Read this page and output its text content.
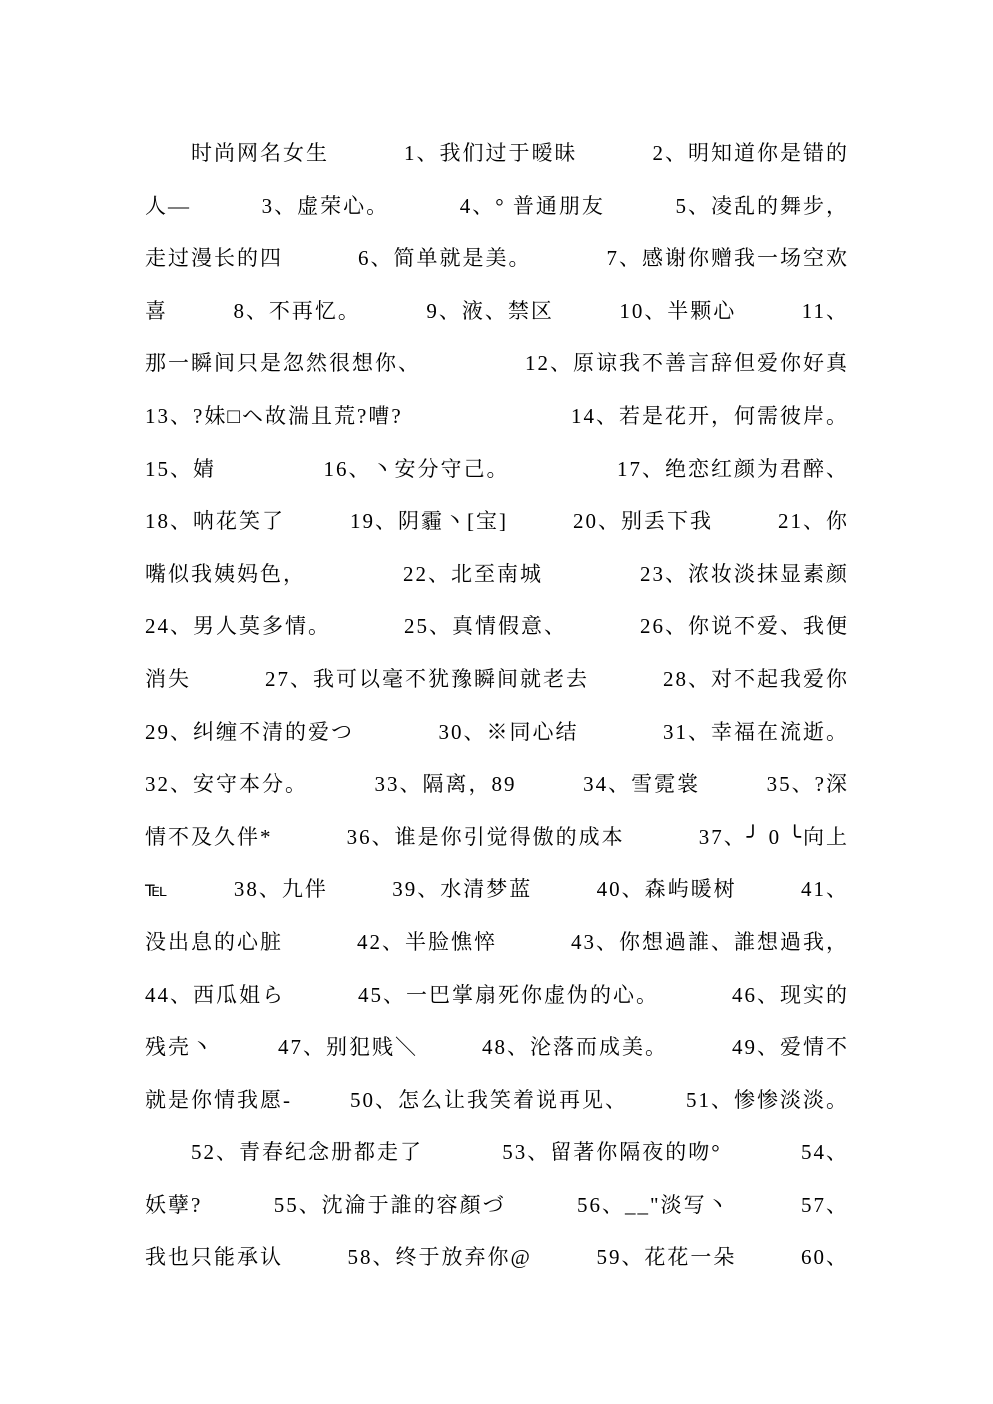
　　时尚网名女生	1、我们过于暧昧	2、明知道你是错的
人—	3、虚荣心。	4、° 普通朋友	5、凌乱的舞步，
走过漫长的四	6、简单就是美。	7、感谢你赠我一场空欢
喜	8、不再忆。	9、液、禁区	10、半颗心	11、
那一瞬间只是忽然很想你、	12、原谅我不善言辞但爱你好真
13、?妹□ヘ故湍且荒?嘈?	14、若是花开，何需彼岸。
15、婧	16、丶安分守己。	17、绝恋红颜为君醉、
18、呐花笑了	19、阴霾丶[宝]	20、别丢下我	21、你
嘴似我姨妈色，	22、北至南城	23、浓妆淡抹显素颜
24、男人莫多情。	25、真情假意、	26、你说不爱、我便
消失	27、我可以毫不犹豫瞬间就老去	28、对不起我爱你
29、纠缠不清的爱つ	30、※同心结	31、幸福在流逝。
32、安守本分。	33、隔离，89	34、雪霓裳	35、?深
情不及久伴*	36、谁是你引觉得傲的成本	37、╯ 0 ╰向上
℡	38、九伴	39、水清梦蓝	40、森屿暖树	41、
没出息的心脏	42、半脸憔悴	43、你想過誰、誰想過我，
44、西瓜姐ら	45、一巴掌扇死你虚伪的心。	46、现实的
残壳丶	47、别犯贱＼	48、沦落而成美。	49、爱情不
就是你情我愿-	50、怎么让我笑着说再见、	51、惨惨淡淡。
　　52、青春纪念册都走了	53、留著你隔夜的吻°	54、
妖孽?	55、沈淪于誰的容顏づ	56、__"淡写丶	57、
我也只能承认	58、终于放弃你@	59、花花一朵	60、
